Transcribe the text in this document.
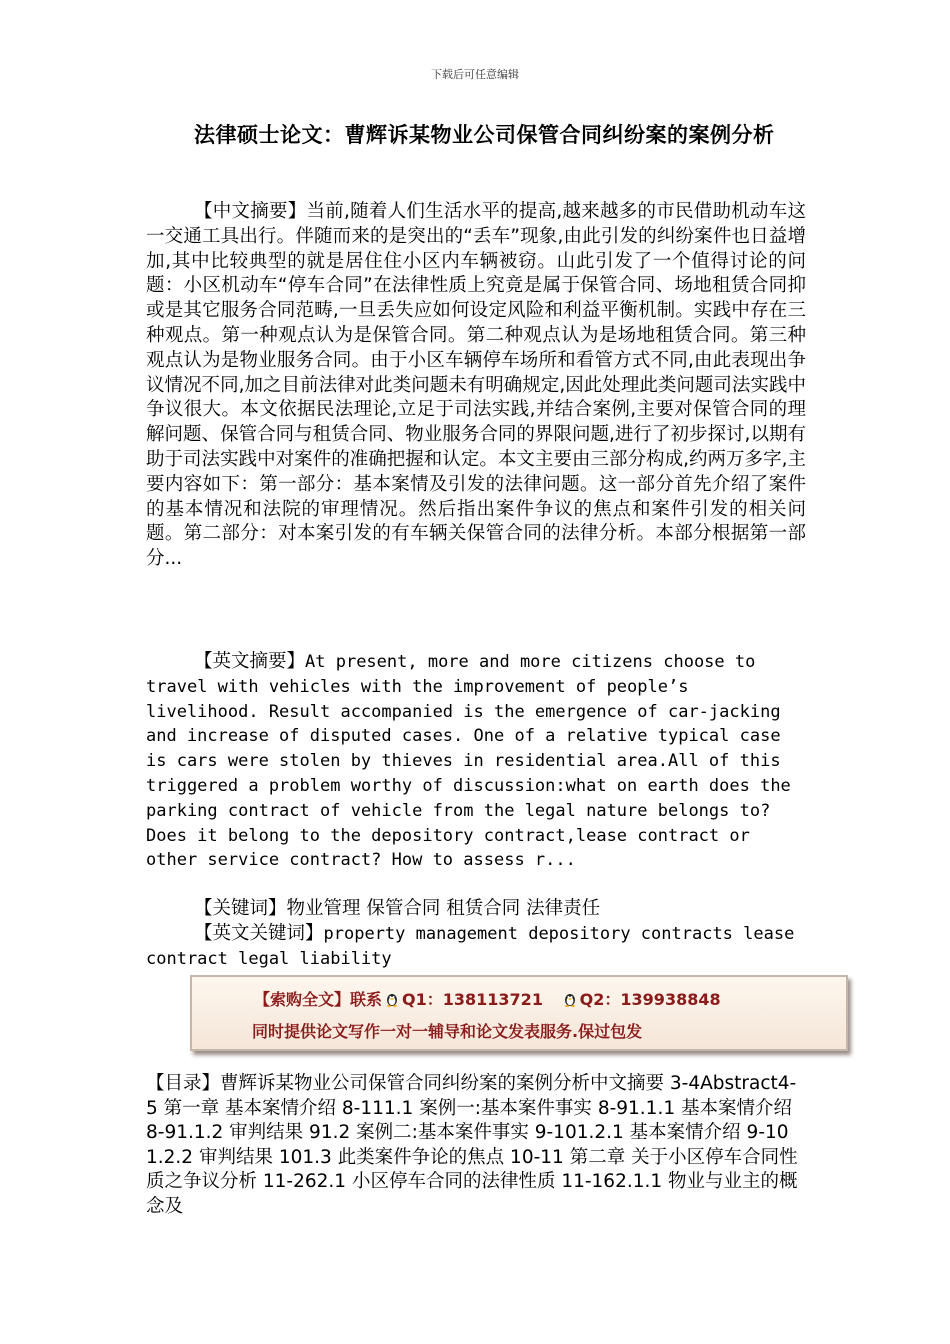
下载后可任意编辑
法律硕士论文：曹辉诉某物业公司保管合同纠纷案的案例分析
【中文摘要】当前,随着人们生活水平的提高,越来越多的市民借助机动车这一交通工具出行。伴随而来的是突出的“丢车”现象,由此引发的纠纷案件也日益增加,其中比较典型的就是居住住小区内车辆被窃。山此引发了一个值得讨论的问题：小区机动车“停车合同”在法律性质上究竟是属于保管合同、场地租赁合同抑或是其它服务合同范畴,一旦丢失应如何设定风险和利益平衡机制。实践中存在三种观点。第一种观点认为是保管合同。第二种观点认为是场地租赁合同。第三种观点认为是物业服务合同。由于小区车辆停车场所和看管方式不同,由此表现出争议情况不同,加之目前法律对此类问题未有明确规定,因此处理此类问题司法实践中争议很大。本文依据民法理论,立足于司法实践,并结合案例,主要对保管合同的理解问题、保管合同与租赁合同、物业服务合同的界限问题,进行了初步探讨,以期有助于司法实践中对案件的准确把握和认定。本文主要由三部分构成,约两万多字,主要内容如下：第一部分：基本案情及引发的法律问题。这一部分首先介绍了案件的基本情况和法院的审理情况。然后指出案件争议的焦点和案件引发的相关问题。第二部分：对本案引发的有车辆关保管合同的法律分析。本部分根据第一部分...
【英文摘要】At present, more and more citizens choose to travel with vehicles with the improvement of people’s livelihood. Result accompanied is the emergence of car-jacking and increase of disputed cases. One of a relative typical case is cars were stolen by thieves in residential area.All of this triggered a problem worthy of discussion:what on earth does the parking contract of vehicle from the legal nature belongs to?Does it belong to the depository contract,lease contract or other service contract? How to assess r...
【关键词】物业管理 保管合同 租赁合同 法律责任
【英文关键词】property management depository contracts lease contract legal liability
【索购全文】联系 Q1：138113721 Q2：139938848
同时提供论文写作一对一辅导和论文发表服务.保过包发
【目录】曹辉诉某物业公司保管合同纠纷案的案例分析中文摘要 3-4Abstract4-5 第一章 基本案情介绍 8-111.1 案例一:基本案件事实 8-91.1.1 基本案情介绍 8-91.1.2 审判结果 91.2 案例二:基本案件事实 9-101.2.1 基本案情介绍 9-101.2.2 审判结果 101.3 此类案件争论的焦点 10-11 第二章 关于小区停车合同性质之争议分析 11-262.1 小区停车合同的法律性质 11-162.1.1 物业与业主的概念及
